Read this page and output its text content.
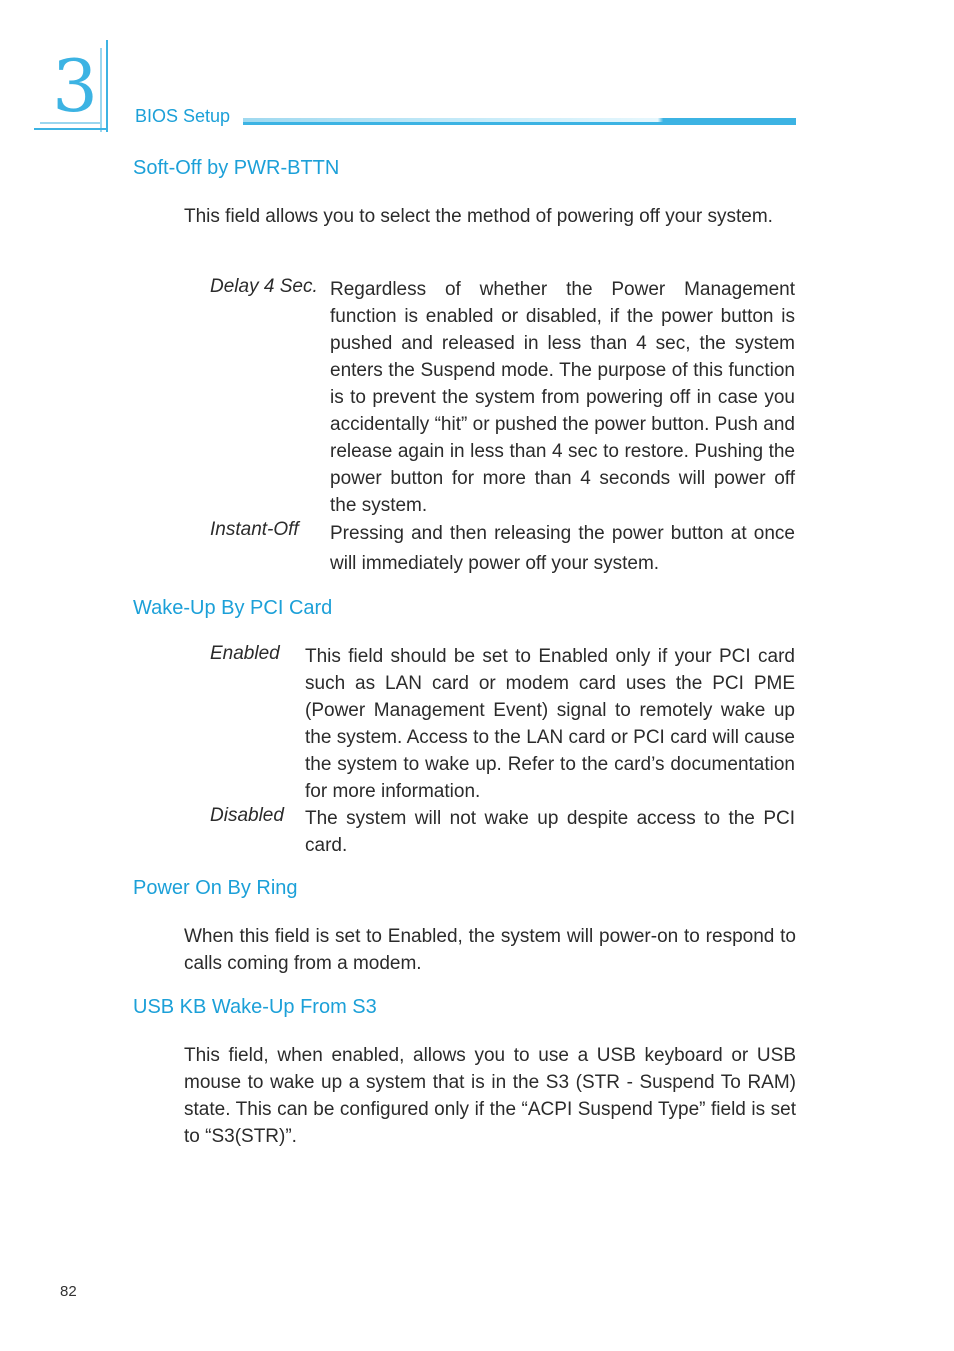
3 BIOS Setup
Soft-Off by PWR-BTTN

This field allows you to select the method of powering off your system.

Delay 4 Sec. Regardless of whether the Power Management function is enabled or disabled, if the power button is pushed and released in less than 4 sec, the system enters the Suspend mode. The purpose of this function is to prevent the system from powering off in case you accidentally “hit” or pushed the power button. Push and release again in less than 4 sec to restore. Pushing the power button for more than 4 seconds will power off the system.

Instant-Off Pressing and then releasing the power button at once will immediately power off your system.

Wake-Up By PCI Card

Enabled This field should be set to Enabled only if your PCI card such as LAN card or modem card uses the PCI PME (Power Management Event) signal to remotely wake up the system. Access to the LAN card or PCI card will cause the system to wake up. Refer to the card’s documentation for more information.

Disabled The system will not wake up despite access to the PCI card.

Power On By Ring

When this field is set to Enabled, the system will power-on to respond to calls coming from a modem.

USB KB Wake-Up From S3

This field, when enabled, allows you to use a USB keyboard or USB mouse to wake up a system that is in the S3 (STR - Suspend To RAM) state. This can be configured only if the “ACPI Suspend Type” field is set to “S3(STR)”.

82
